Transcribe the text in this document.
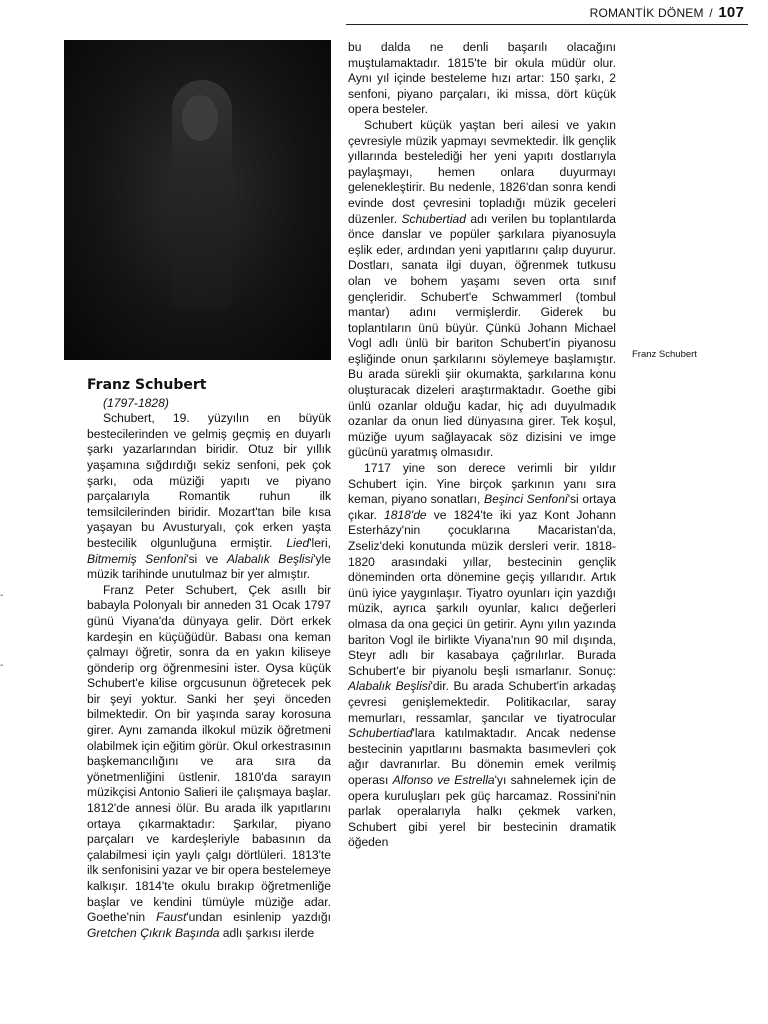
ROMANTİK DÖNEM / 107
-
-
Franz Schubert
(1797-1828)

Schubert, 19. yüzyılın en büyük bestecilerinden ve gelmiş geçmiş en duyarlı şarkı yazarlarından biridir. Otuz bir yıllık yaşamına sığdırdığı sekiz senfoni, pek çok şarkı, oda müziği yapıtı ve piyano parçalarıyla Romantik ruhun ilk temsilcilerinden biridir. Mozart'tan bile kısa yaşayan bu Avusturyalı, çok erken yaşta bestecilik olgunluğuna ermiştir. Lied'leri, Bitmemiş Senfoni'si ve Alabalık Beşlisi'yle müzik tarihinde unutulmaz bir yer almıştır.

Franz Peter Schubert, Çek asıllı bir babayla Polonyalı bir anneden 31 Ocak 1797 günü Viyana'da dünyaya gelir. Dört erkek kardeşin en küçüğüdür. Babası ona keman çalmayı öğretir, sonra da en yakın kiliseye gönderip org öğrenmesini ister. Oysa küçük Schubert'e kilise orgcusunun öğretecek pek bir şeyi yoktur. Sanki her şeyi önceden bilmektedir. On bir yaşında saray korosuna girer. Aynı zamanda ilkokul müzik öğretmeni olabilmek için eğitim görür. Okul orkestrasının başkemancılığını ve ara sıra da yönetmenliğini üstlenir. 1810'da sarayın müzikçisi Antonio Salieri ile çalışmaya başlar. 1812'de annesi ölür. Bu arada ilk yapıtlarını ortaya çıkarmaktadır: Şarkılar, piyano parçaları ve kardeşleriyle babasının da çalabilmesi için yaylı çalgı dörtlüleri. 1813'te ilk senfonisini yazar ve bir opera bestelemeye kalkışır. 1814'te okulu bırakıp öğretmenliğe başlar ve kendini tümüyle müziğe adar. Goethe'nin Faust'undan esinlenip yazdığı Gretchen Çıkrık Başında adlı şarkısı ilerde

bu dalda ne denli başarılı olacağını muştulamaktadır. 1815'te bir okula müdür olur. Aynı yıl içinde besteleme hızı artar: 150 şarkı, 2 senfoni, piyano parçaları, iki missa, dört küçük opera besteler.

Schubert küçük yaştan beri ailesi ve yakın çevresiyle müzik yapmayı sevmektedir. İlk gençlik yıllarında bestelediği her yeni yapıtı dostlarıyla paylaşmayı, hemen onlara duyurmayı gelenekleştirir. Bu nedenle, 1826'dan sonra kendi evinde dost çevresini topladığı müzik geceleri düzenler. Schubertiad adı verilen bu toplantılarda önce danslar ve popüler şarkılara piyanosuyla eşlik eder, ardından yeni yapıtlarını çalıp duyurur. Dostları, sanata ilgi duyan, öğrenmek tutkusu olan ve bohem yaşamı seven orta sınıf gençleridir. Schubert'e Schwammerl (tombul mantar) adını vermişlerdir. Giderek bu toplantıların ünü büyür. Çünkü Johann Michael Vogl adlı ünlü bir bariton Schubert'in piyanosu eşliğinde onun şarkılarını söylemeye başlamıştır. Bu arada sürekli şiir okumakta, şarkılarına konu oluşturacak dizeleri araştırmaktadır. Goethe gibi ünlü ozanlar olduğu kadar, hiç adı duyulmadık ozanlar da onun lied dünyasına girer. Tek koşul, müziğe uyum sağlayacak söz dizisini ve imge gücünü yaratmış olmasıdır.

1717 yine son derece verimli bir yıldır Schubert için. Yine birçok şarkının yanı sıra keman, piyano sonatları, Beşinci Senfoni'si ortaya çıkar. 1818'de ve 1824'te iki yaz Kont Johann Esterházy'nin çocuklarına Macaristan'da, Zseliz'deki konutunda müzik dersleri verir. 1818-1820 arasındaki yıllar, bestecinin gençlik döneminden orta dönemine geçiş yıllarıdır. Artık ünü iyice yaygınlaşır. Tiyatro oyunları için yazdığı müzik, ayrıca şarkılı oyunlar, kalıcı değerleri olmasa da ona geçici ün getirir. Aynı yılın yazında bariton Vogl ile birlikte Viyana'nın 90 mil dışında, Steyr adlı bir kasabaya çağrılırlar. Burada Schubert'e bir piyanolu beşli ısmarlanır. Sonuç: Alabalık Beşlisi'dir. Bu arada Schubert'in arkadaş çevresi genişlemektedir. Politikacılar, saray memurları, ressamlar, şancılar ve tiyatrocular Schubertiad'lara katılmaktadır. Ancak nedense bestecinin yapıtlarını basmakta basımevleri çok ağır davranırlar. Bu dönemin emek verilmiş operası Alfonso ve Estrella'yı sahnelemek için de opera kuruluşları pek güç harcamaz. Rossini'nin parlak operalarıyla halkı çekmek varken, Schubert gibi yerel bir bestecinin dramatik öğeden

Franz Schubert
